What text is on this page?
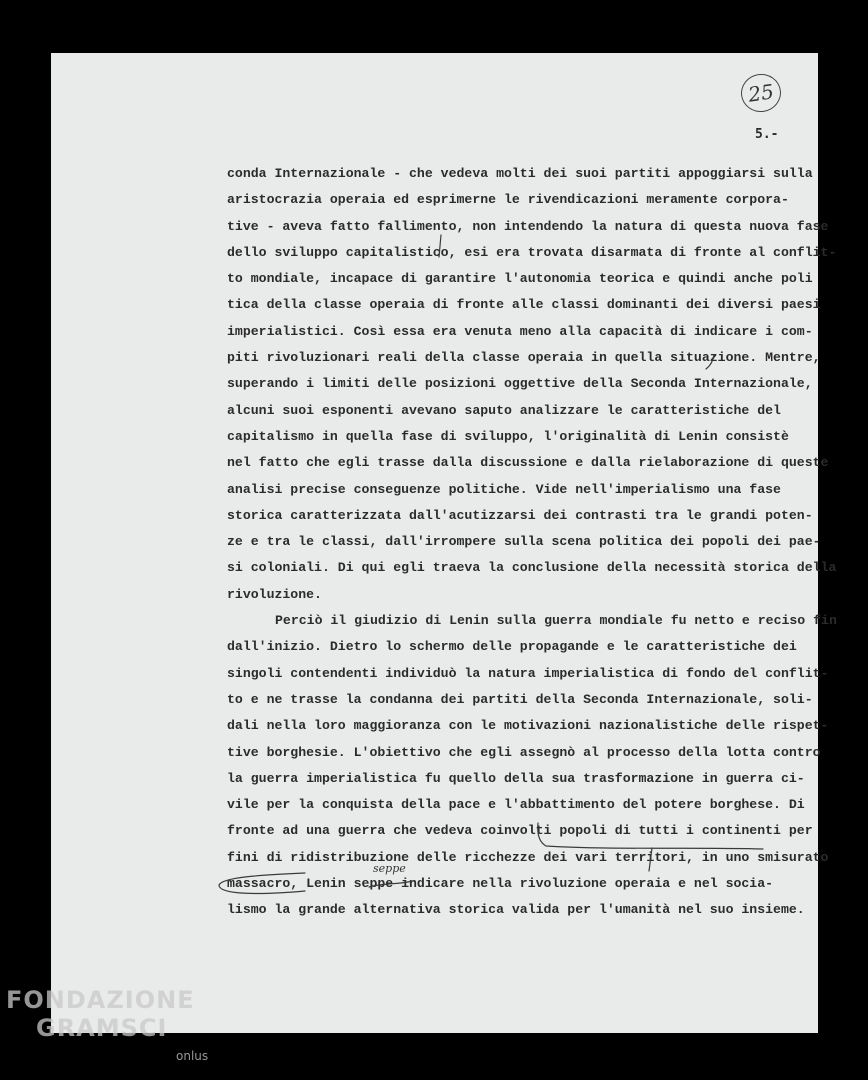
25
5.-
conda Internazionale - che vedeva molti dei suoi partiti appoggiarsi sulla
aristocrazia operaia ed esprimerne le rivendicazioni meramente corpora-
tive - aveva fatto fallimento, non intendendo la natura di questa nuova fase
dello sviluppo capitalistico, esi era trovata disarmata di fronte al conflit-
to mondiale, incapace di garantire l'autonomia teorica e quindi anche poli
tica della classe operaia di fronte alle classi dominanti dei diversi paesi
imperialistici. Così essa era venuta meno alla capacità di indicare i com-
piti rivoluzionari reali della classe operaia in quella situazione. Mentre,
superando i limiti delle posizioni oggettive della Seconda Internazionale,
alcuni suoi esponenti avevano saputo analizzare le caratteristiche del
capitalismo in quella fase di sviluppo, l'originalità di Lenin consistè
nel fatto che egli trasse dalla discussione e dalla rielaborazione di queste
analisi precise conseguenze politiche. Vide nell'imperialismo una fase
storica caratterizzata dall'acutizzarsi dei contrasti tra le grandi poten-
ze e tra le classi, dall'irrompere sulla scena politica dei popoli dei pae-
si coloniali. Di qui egli traeva la conclusione della necessità storica della
rivoluzione.
Perciò il giudizio di Lenin sulla guerra mondiale fu netto e reciso fin
dall'inizio. Dietro lo schermo delle propagande e le caratteristiche dei
singoli contendenti individuò la natura imperialistica di fondo del conflit-
to e ne trasse la condanna dei partiti della Seconda Internazionale, soli-
dali nella loro maggioranza con le motivazioni nazionalistiche delle rispet-
tive borghesie. L'obiettivo che egli assegnò al processo della lotta contro
la guerra imperialistica fu quello della sua trasformazione in guerra ci-
vile per la conquista della pace e l'abbattimento del potere borghese. Di
fronte ad una guerra che vedeva coinvolti popoli di tutti i continenti per
fini di ridistribuzione delle ricchezze dei vari territori, in uno smisurato
massacro, Lenin seppe indicare nella rivoluzione operaia e nel socia-
lismo la grande alternativa storica valida per l'umanità nel suo insieme.
seppe
FONDAZIONE
GRAMSCI
onlus
